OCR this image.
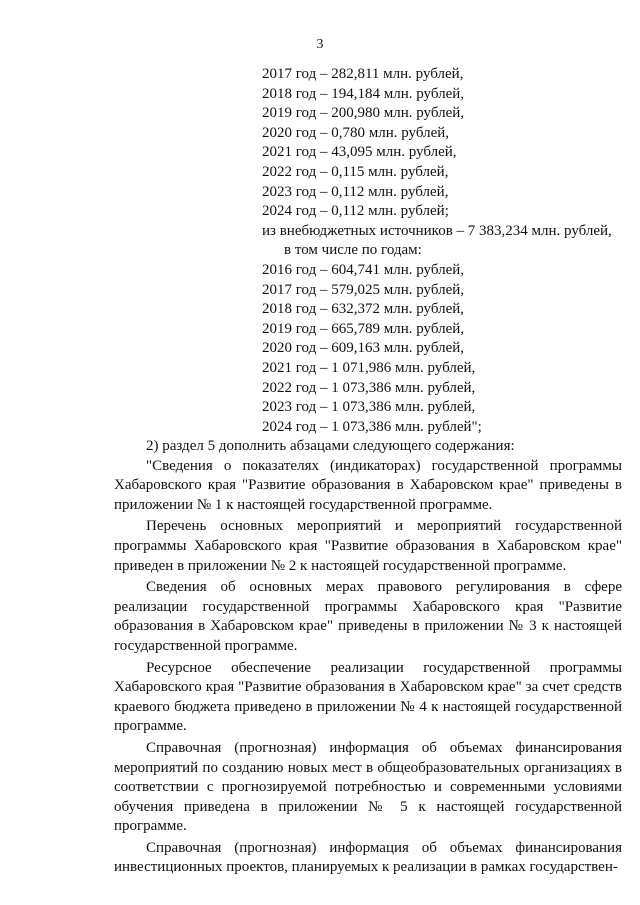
3
2017 год – 282,811 млн. рублей,
2018 год – 194,184 млн. рублей,
2019 год – 200,980 млн. рублей,
2020 год – 0,780 млн. рублей,
2021 год – 43,095 млн. рублей,
2022 год – 0,115 млн. рублей,
2023 год – 0,112 млн. рублей,
2024 год – 0,112 млн. рублей;
из внебюджетных источников – 7 383,234 млн. рублей,
в том числе по годам:
2016 год – 604,741 млн. рублей,
2017 год – 579,025 млн. рублей,
2018 год – 632,372 млн. рублей,
2019 год – 665,789 млн. рублей,
2020 год – 609,163 млн. рублей,
2021 год – 1 071,986 млн. рублей,
2022 год – 1 073,386 млн. рублей,
2023 год – 1 073,386 млн. рублей,
2024 год – 1 073,386 млн. рублей";

2) раздел 5 дополнить абзацами следующего содержания:

"Сведения о показателях (индикаторах) государственной программы Хабаровского края "Развитие образования в Хабаровском крае" приведены в приложении № 1 к настоящей государственной программе.

Перечень основных мероприятий и мероприятий государственной программы Хабаровского края "Развитие образования в Хабаровском крае" приведен в приложении № 2 к настоящей государственной программе.

Сведения об основных мерах правового регулирования в сфере реализации государственной программы Хабаровского края "Развитие образования в Хабаровском крае" приведены в приложении № 3 к настоящей государственной программе.

Ресурсное обеспечение реализации государственной программы Хабаровского края "Развитие образования в Хабаровском крае" за счет средств краевого бюджета приведено в приложении № 4 к настоящей государственной программе.

Справочная (прогнозная) информация об объемах финансирования мероприятий по созданию новых мест в общеобразовательных организациях в соответствии с прогнозируемой потребностью и современными условиями обучения приведена в приложении № 5 к настоящей государственной программе.

Справочная (прогнозная) информация об объемах финансирования инвестиционных проектов, планируемых к реализации в рамках государствен-
